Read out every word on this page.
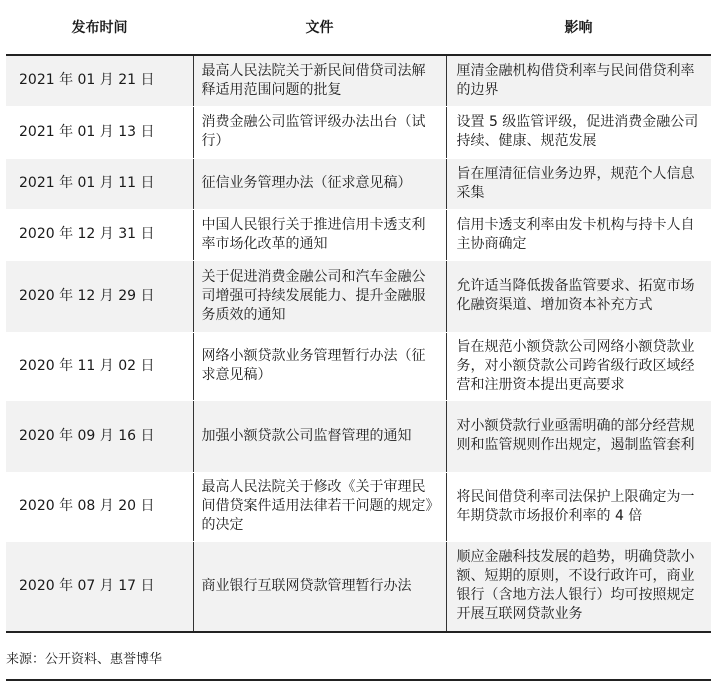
发布时间	文件	影响
2021 年 01 月 21 日	最高人民法院关于新民间借贷司法解释适用范围问题的批复	厘清金融机构借贷利率与民间借贷利率的边界
2021 年 01 月 13 日	消费金融公司监管评级办法出台（试行）	设置 5 级监管评级，促进消费金融公司持续、健康、规范发展
2021 年 01 月 11 日	征信业务管理办法（征求意见稿）	旨在厘清征信业务边界，规范个人信息采集
2020 年 12 月 31 日	中国人民银行关于推进信用卡透支利率市场化改革的通知	信用卡透支利率由发卡机构与持卡人自主协商确定
2020 年 12 月 29 日	关于促进消费金融公司和汽车金融公司增强可持续发展能力、提升金融服务质效的通知	允许适当降低拨备监管要求、拓宽市场化融资渠道、增加资本补充方式
2020 年 11 月 02 日	网络小额贷款业务管理暂行办法（征求意见稿）	旨在规范小额贷款公司网络小额贷款业务，对小额贷款公司跨省级行政区域经营和注册资本提出更高要求
2020 年 09 月 16 日	加强小额贷款公司监督管理的通知	对小额贷款行业亟需明确的部分经营规则和监管规则作出规定，遏制监管套利
2020 年 08 月 20 日	最高人民法院关于修改《关于审理民间借贷案件适用法律若干问题的规定》的决定	将民间借贷利率司法保护上限确定为一年期贷款市场报价利率的 4 倍
2020 年 07 月 17 日	商业银行互联网贷款管理暂行办法	顺应金融科技发展的趋势，明确贷款小额、短期的原则，不设行政许可，商业银行（含地方法人银行）均可按照规定开展互联网贷款业务
来源：公开资料、惠誉博华
